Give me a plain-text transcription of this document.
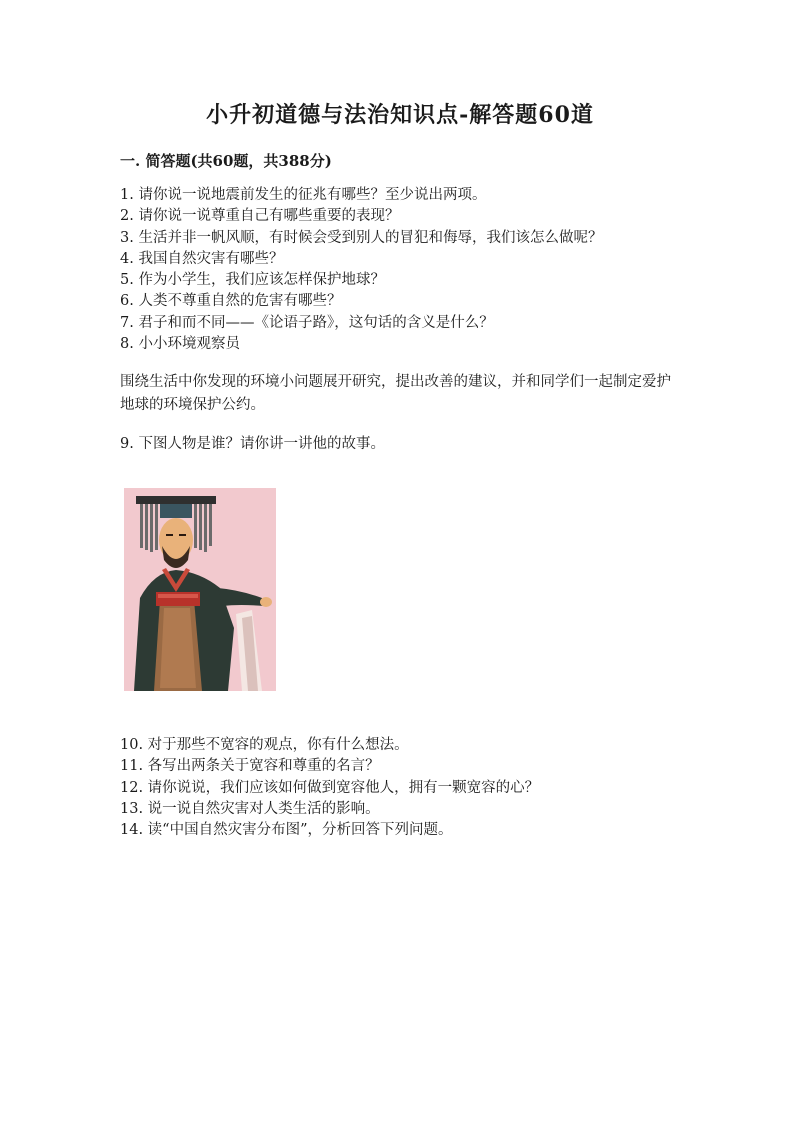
小升初道德与法治知识点-解答题60道
一. 简答题(共60题，共388分)
1. 请你说一说地震前发生的征兆有哪些？至少说出两项。
2. 请你说一说尊重自己有哪些重要的表现？
3. 生活并非一帆风顺，有时候会受到别人的冒犯和侮辱，我们该怎么做呢？
4. 我国自然灾害有哪些？
5. 作为小学生，我们应该怎样保护地球？
6. 人类不尊重自然的危害有哪些？
7. 君子和而不同——《论语子路》，这句话的含义是什么？
8. 小小环境观察员
围绕生活中你发现的环境小问题展开研究，提出改善的建议，并和同学们一起制定爱护地球的环境保护公约。
9. 下图人物是谁？请你讲一讲他的故事。
10. 对于那些不宽容的观点，你有什么想法。
11. 各写出两条关于宽容和尊重的名言？
12. 请你说说，我们应该如何做到宽容他人，拥有一颗宽容的心？
13. 说一说自然灾害对人类生活的影响。
14. 读“中国自然灾害分布图”，分析回答下列问题。
